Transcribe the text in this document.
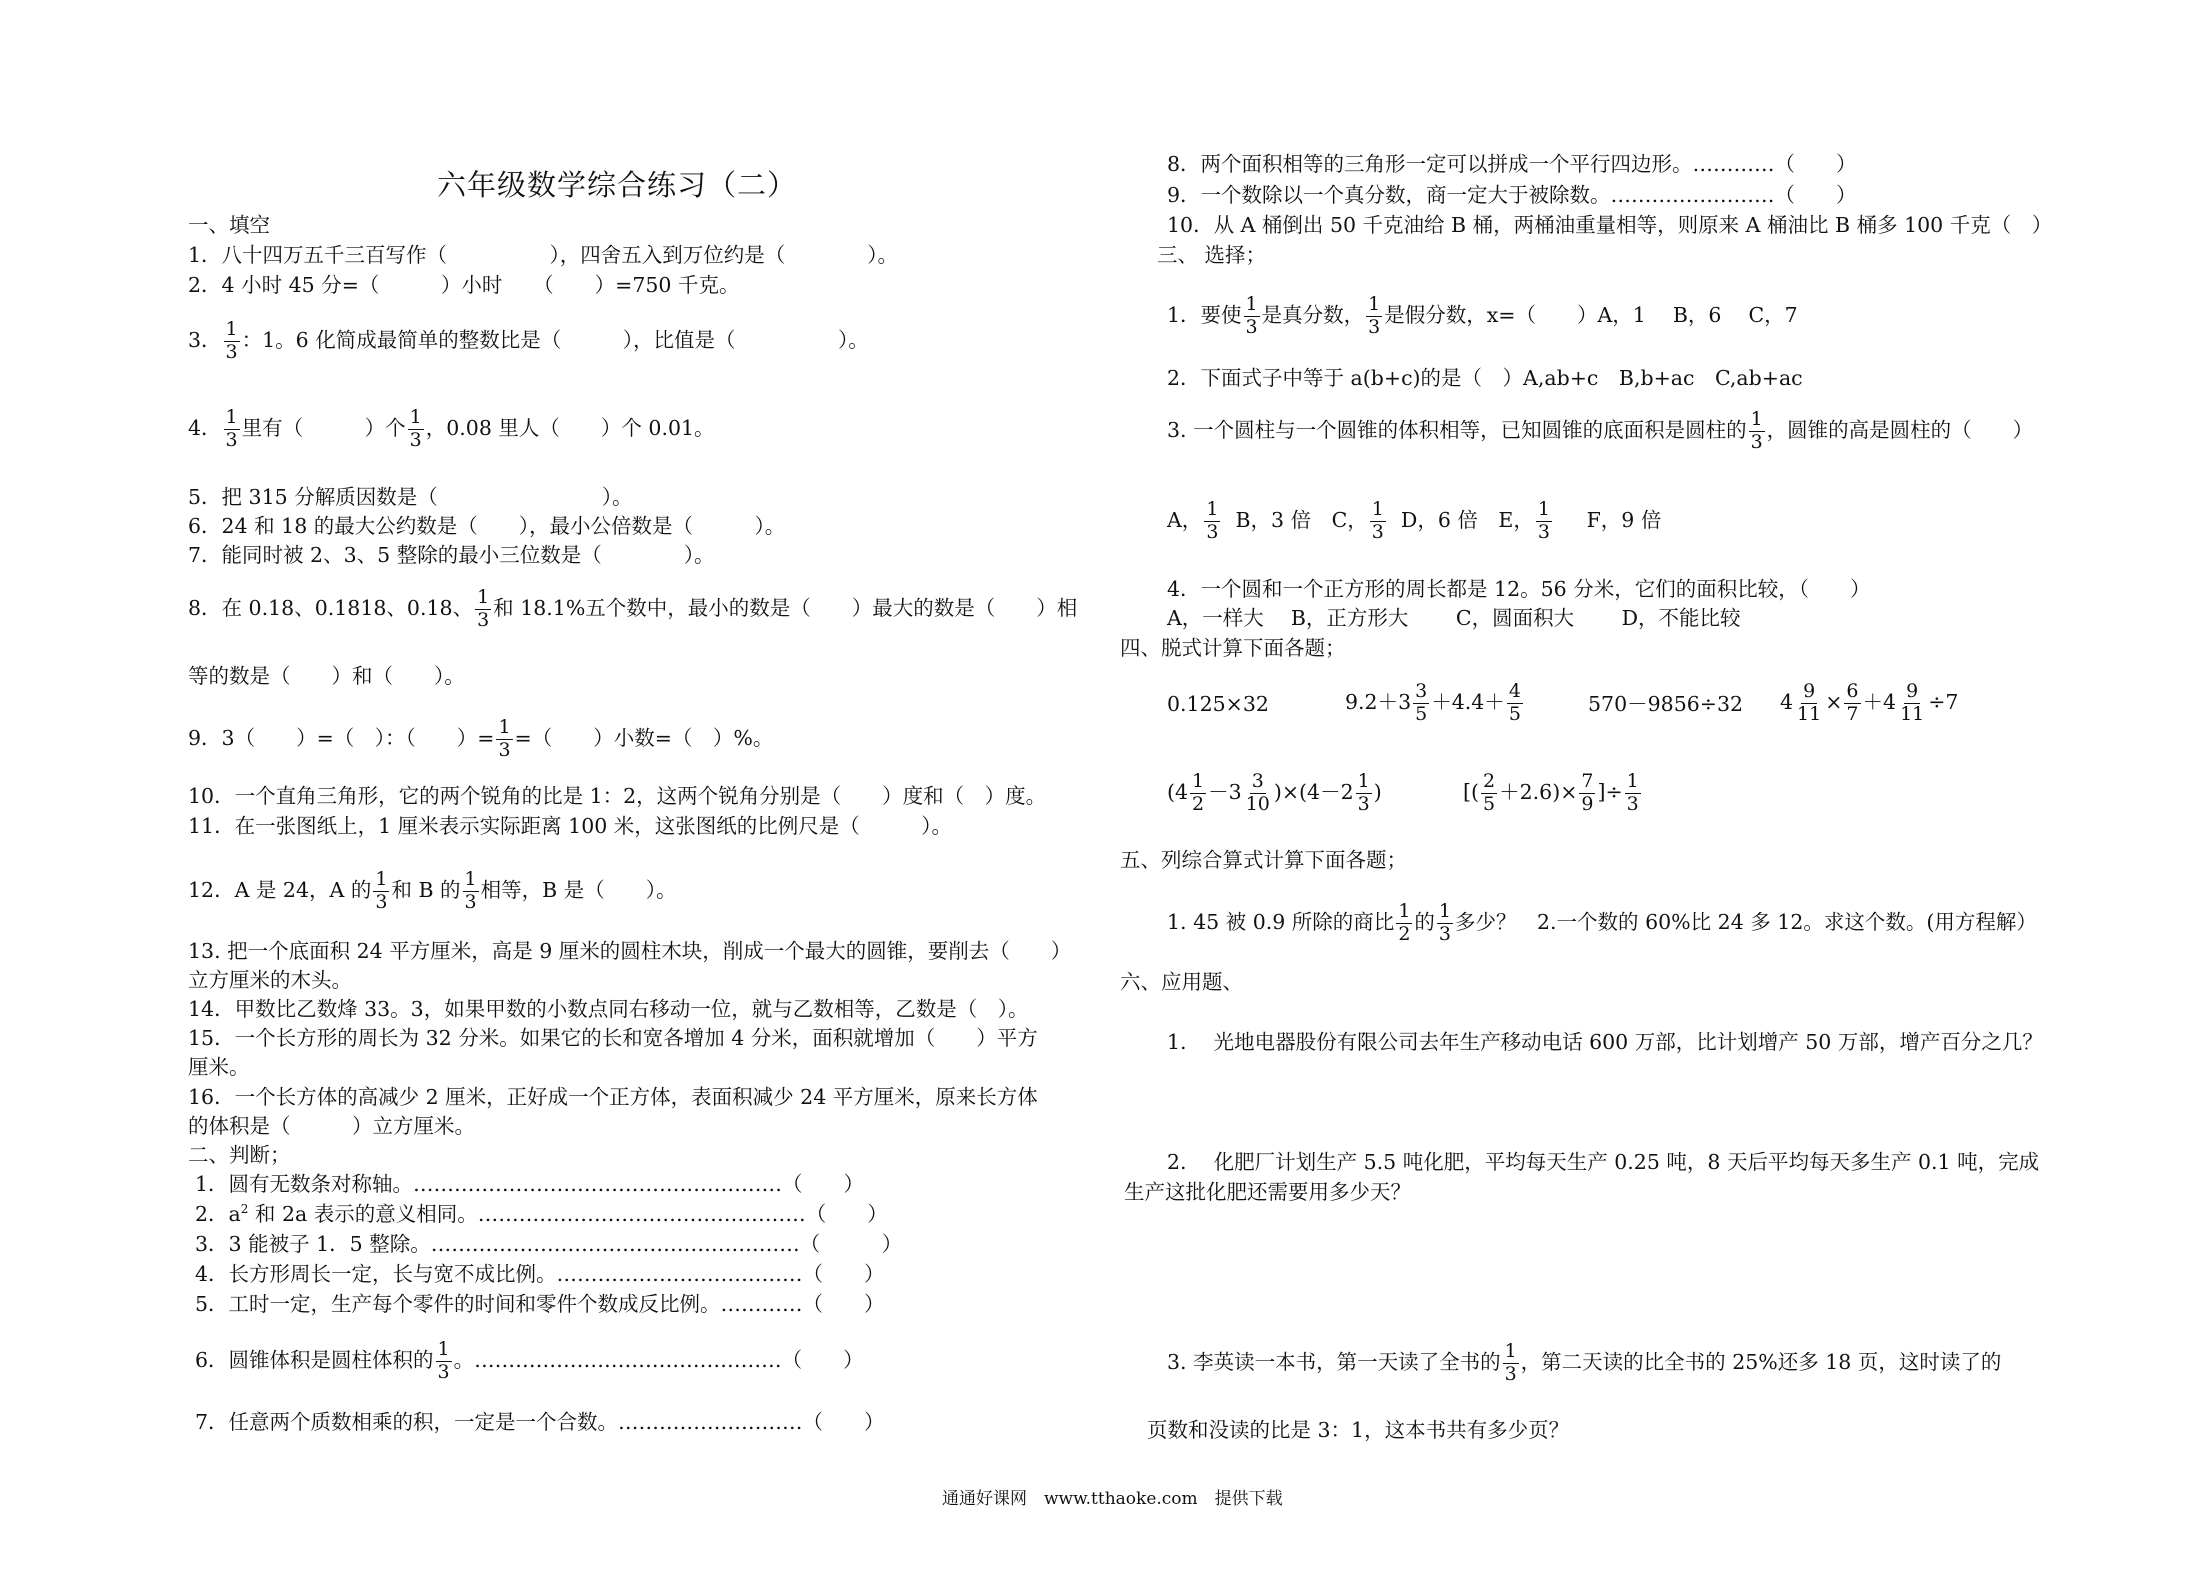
六年级数学综合练习（二）
一、填空
1．八十四万五千三百写作（　　　　　），四舍五入到万位约是（　　　　）。
2．4 小时 45 分=（　　　）小时　　（　　）=750 千克。
3． $\frac{1}{3}$ ：1。6 化简成最简单的整数比是（　　　），比值是（　　　　　）。
4． $\frac{1}{3}$ 里有（　　　）个 $\frac{1}{3}$ ，0.08 里人（　　）个 0.01。
5．把 315 分解质因数是（　　　　　　　　）。
6．24 和 18 的最大公约数是（　　），最小公倍数是（　　　）。
7．能同时被 2、3、5 整除的最小三位数是（　　　　）。
8．在 0.18、0.1818、0.18、 $\frac{1}{3}$ 和 18.1%五个数中，最小的数是（　　）最大的数是（　　）相
等的数是（　　）和（　　）。
9．3（　　）=（　）：（　　）= $\frac{1}{3}$ =（　　）小数=（　）%。
10．一个直角三角形，它的两个锐角的比是 1：2，这两个锐角分别是（　　）度和（　）度。
11．在一张图纸上，1 厘米表示实际距离 100 米，这张图纸的比例尺是（　　　）。
12．A 是 24，A 的 $\frac{1}{3}$ 和 B 的 $\frac{1}{3}$ 相等，B 是（　　）。
13. 把一个底面积 24 平方厘米，高是 9 厘米的圆柱木块，削成一个最大的圆锥，要削去（　　）
立方厘米的木头。
14．甲数比乙数烽 33。3，如果甲数的小数点同右移动一位，就与乙数相等，乙数是（　）。
15．一个长方形的周长为 32 分米。如果它的长和宽各增加 4 分米，面积就增加（　　）平方
厘米。
16．一个长方体的高减少 2 厘米，正好成一个正方体，表面积减少 24 平方厘米，原来长方体
的体积是（　　　）立方厘米。
二、判断；
1．圆有无数条对称轴。………………………………………………（　　）
2．$a^2$ 和 2a 表示的意义相同。…………………………………………（　　）
3．3 能被子 1．5 整除。………………………………………………（　　　）
4．长方形周长一定，长与宽不成比例。………………………………（　　）
5．工时一定，生产每个零件的时间和零件个数成反比例。…………（　　）
6．圆锥体积是圆柱体积的 $\frac{1}{3}$ 。………………………………………（　　）
7．任意两个质数相乘的积，一定是一个合数。………………………（　　）
8．两个面积相等的三角形一定可以拼成一个平行四边形。…………（　　）
9．一个数除以一个真分数，商一定大于被除数。……………………（　　）
10．从 A 桶倒出 50 千克油给 B 桶，两桶油重量相等，则原来 A 桶油比 B 桶多 100 千克（　）
三、 选择；
1．要使 $\frac{1}{3}$ 是真分数， $\frac{1}{3}$ 是假分数，x=（　　）A，1　 B，6　 C，7
2．下面式子中等于 a(b+c)的是（　）A,ab+c　B,b+ac　C,ab+ac
3. 一个圆柱与一个圆锥的体积相等，已知圆锥的底面积是圆柱的 $\frac{1}{3}$ ，圆锥的高是圆柱的（　　）
A， $\frac{1}{3}$ B，3 倍　C， $\frac{1}{3}$ D，6 倍　E， $\frac{1}{3}$ F，9 倍
4．一个圆和一个正方形的周长都是 12。56 分米，它们的面积比较，（　　）
A，一样大　 B，正方形大　　 C，圆面积大　　 D，不能比较
四、脱式计算下面各题；
0.125×32	$9.2+3 \frac{3}{5} +4.4+ \frac{4}{5}$	570－9856÷32 $4 \frac{9}{11} \times \frac{6}{7} +4 \frac{9}{11} \div 7$
$(4 \frac{1}{2} -3 \frac{3}{10} )\times(4-2 \frac{1}{3}$ )	[( $\frac{2}{5} +2.6)\times \frac{7}{9}$ ]÷ $\frac{1}{3}$
五、列综合算式计算下面各题；
1. 45 被 0.9 所除的商比 $\frac{1}{2}$ 的 $\frac{1}{3}$ 多少？　2.一个数的 60%比 24 多 12。求这个数。(用方程解）
六、应用题、
1.　 光地电器股份有限公司去年生产移动电话 600 万部，比计划增产 50 万部，增产百分之几？
2.　 化肥厂计划生产 5.5 吨化肥，平均每天生产 0.25 吨，8 天后平均每天多生产 0.1 吨，完成
生产这批化肥还需要用多少天？
3. 李英读一本书，第一天读了全书的 $\frac{1}{3}$ ，第二天读的比全书的 25%还多 18 页，这时读了的
页数和没读的比是 3：1，这本书共有多少页？
通通好课网　www.tthaoke.com　提供下载
